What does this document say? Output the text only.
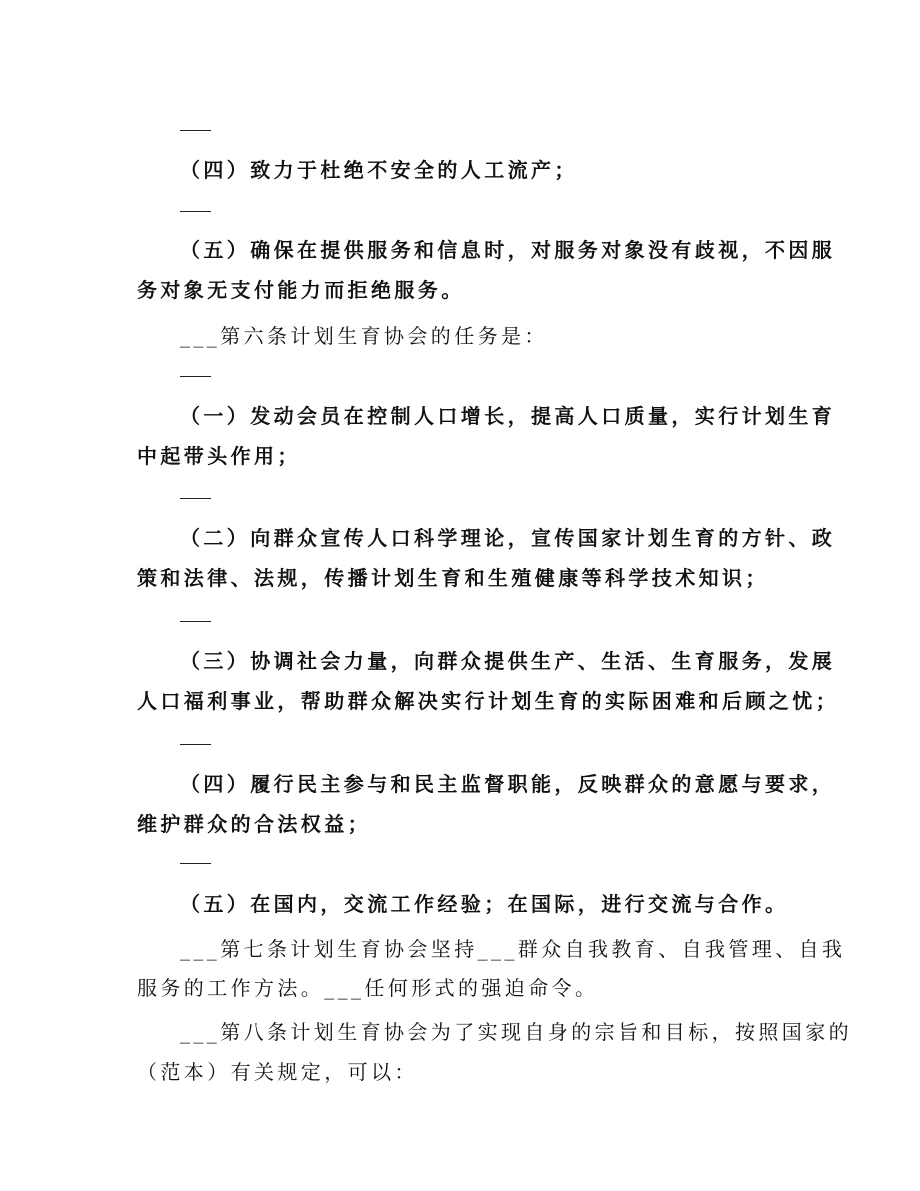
（四）致力于杜绝不安全的人工流产；
（五）确保在提供服务和信息时，对服务对象没有歧视，不因服
务对象无支付能力而拒绝服务。
___第六条计划生育协会的任务是：
（一）发动会员在控制人口增长，提高人口质量，实行计划生育
中起带头作用；
（二）向群众宣传人口科学理论，宣传国家计划生育的方针、政
策和法律、法规，传播计划生育和生殖健康等科学技术知识；
（三）协调社会力量，向群众提供生产、生活、生育服务，发展
人口福利事业，帮助群众解决实行计划生育的实际困难和后顾之忧；
（四）履行民主参与和民主监督职能，反映群众的意愿与要求，
维护群众的合法权益；
（五）在国内，交流工作经验；在国际，进行交流与合作。
___第七条计划生育协会坚持___群众自我教育、自我管理、自我
服务的工作方法。___任何形式的强迫命令。
___第八条计划生育协会为了实现自身的宗旨和目标，按照国家的
（范本）有关规定，可以：
